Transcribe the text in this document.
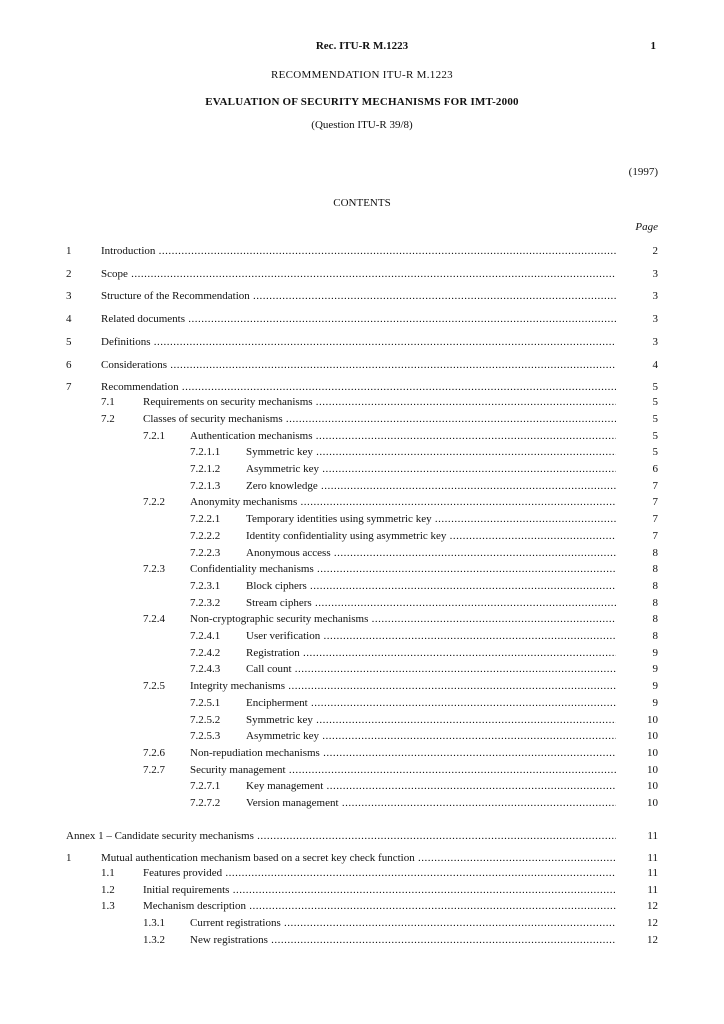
Rec. ITU-R M.1223	1
RECOMMENDATION ITU-R M.1223
EVALUATION OF SECURITY MECHANISMS FOR IMT-2000
(Question ITU-R 39/8)
(1997)
CONTENTS
Page
1	Introduction .....	2
2	Scope .....	3
3	Structure of the Recommendation .....	3
4	Related documents .....	3
5	Definitions .....	3
6	Considerations .....	4
7	Recommendation .....	5
7.1	Requirements on security mechanisms .....	5
7.2	Classes of security mechanisms .....	5
7.2.1 Authentication mechanisms .....	5
7.2.1.1 Symmetric key .....	5
7.2.1.2 Asymmetric key .....	6
7.2.1.3 Zero knowledge .....	7
7.2.2 Anonymity mechanisms .....	7
7.2.2.1 Temporary identities using symmetric key .....	7
7.2.2.2 Identity confidentiality using asymmetric key .....	7
7.2.2.3 Anonymous access .....	8
7.2.3 Confidentiality mechanisms .....	8
7.2.3.1 Block ciphers .....	8
7.2.3.2 Stream ciphers .....	8
7.2.4 Non-cryptographic security mechanisms .....	8
7.2.4.1 User verification .....	8
7.2.4.2 Registration .....	9
7.2.4.3 Call count .....	9
7.2.5 Integrity mechanisms .....	9
7.2.5.1 Encipherment .....	9
7.2.5.2 Symmetric key .....	10
7.2.5.3 Asymmetric key .....	10
7.2.6 Non-repudiation mechanisms .....	10
7.2.7 Security management .....	10
7.2.7.1 Key management .....	10
7.2.7.2 Version management .....	10
Annex 1 – Candidate security mechanisms .....	11
1	Mutual authentication mechanism based on a secret key check function .....	11
1.1	Features provided .....	11
1.2	Initial requirements .....	11
1.3	Mechanism description .....	12
1.3.1 Current registrations .....	12
1.3.2 New registrations .....	12
